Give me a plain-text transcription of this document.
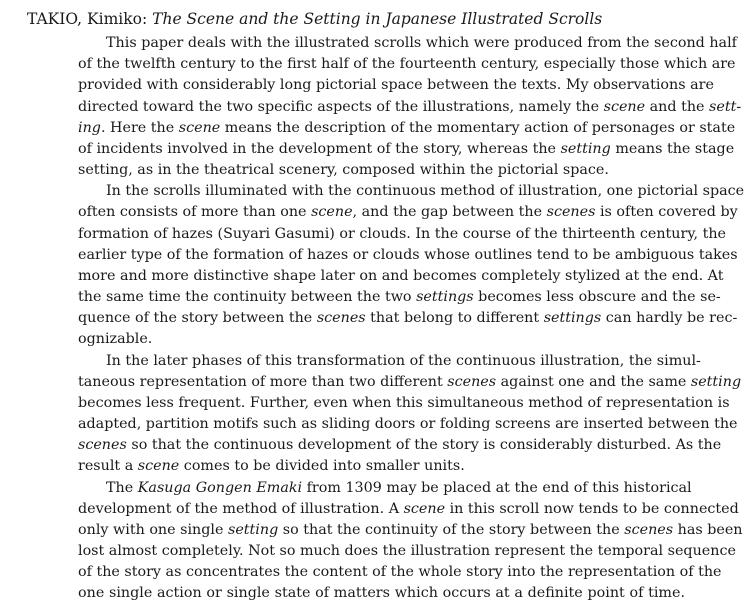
TAKIO, Kimiko: The Scene and the Setting in Japanese Illustrated Scrolls
This paper deals with the illustrated scrolls which were produced from the second half
of the twelfth century to the first half of the fourteenth century, especially those which are
provided with considerably long pictorial space between the texts. My observations are
directed toward the two specific aspects of the illustrations, namely the scene and the sett-
ing. Here the scene means the description of the momentary action of personages or state
of incidents involved in the development of the story, whereas the setting means the stage
setting, as in the theatrical scenery, composed within the pictorial space.
In the scrolls illuminated with the continuous method of illustration, one pictorial space
often consists of more than one scene, and the gap between the scenes is often covered by
formation of hazes (Suyari Gasumi) or clouds. In the course of the thirteenth century, the
earlier type of the formation of hazes or clouds whose outlines tend to be ambiguous takes
more and more distinctive shape later on and becomes completely stylized at the end. At
the same time the continuity between the two settings becomes less obscure and the se-
quence of the story between the scenes that belong to different settings can hardly be rec-
ognizable.
In the later phases of this transformation of the continuous illustration, the simul-
taneous representation of more than two different scenes against one and the same setting
becomes less frequent. Further, even when this simultaneous method of representation is
adapted, partition motifs such as sliding doors or folding screens are inserted between the
scenes so that the continuous development of the story is considerably disturbed. As the
result a scene comes to be divided into smaller units.
The Kasuga Gongen Emaki from 1309 may be placed at the end of this historical
development of the method of illustration. A scene in this scroll now tends to be connected
only with one single setting so that the continuity of the story between the scenes has been
lost almost completely. Not so much does the illustration represent the temporal sequence
of the story as concentrates the content of the whole story into the representation of the
one single action or single state of matters which occurs at a definite point of time.
